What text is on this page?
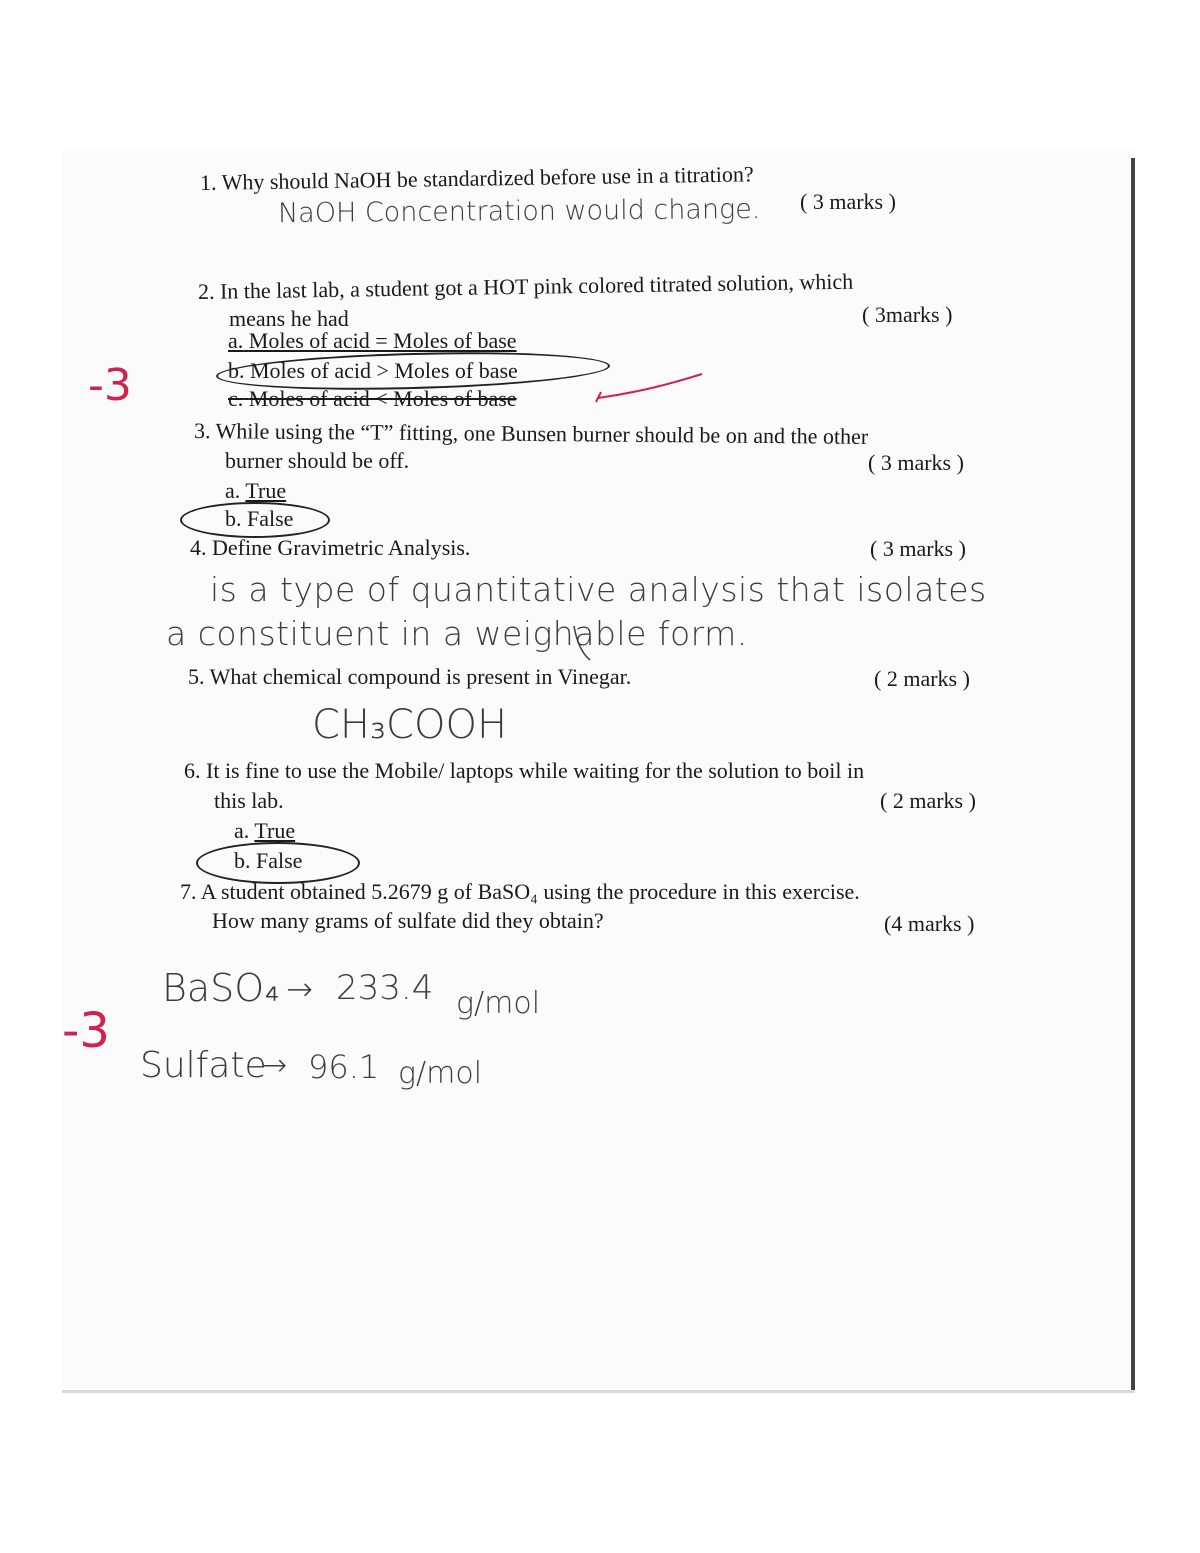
1. Why should NaOH be standardized before use in a titration?
NaOH Concentration would change. ( 3 marks )
2. In the last lab, a student got a HOT pink colored titrated solution, which
means he had	( 3marks )
a. Moles of acid = Moles of base
b. Moles of acid > Moles of base
c. Moles of acid < Moles of base
-3
3. While using the “T” fitting, one Bunsen burner should be on and the other
burner should be off.	( 3 marks )
a. True
b. False
4. Define Gravimetric Analysis.	( 3 marks )
is a type of quantitative analysis that isolates
a constituent in a weighable form.
5. What chemical compound is present in Vinegar.	( 2 marks )
CH₃COOH
6. It is fine to use the Mobile/ laptops while waiting for the solution to boil in
this lab.	( 2 marks )
a. True
b. False
7. A student obtained 5.2679 g of BaSO₄ using the procedure in this exercise.
How many grams of sulfate did they obtain?	(4 marks )
BaSO₄ → 233.4 g/mol
Sulfate
→ 96.1 g/mol
-3
